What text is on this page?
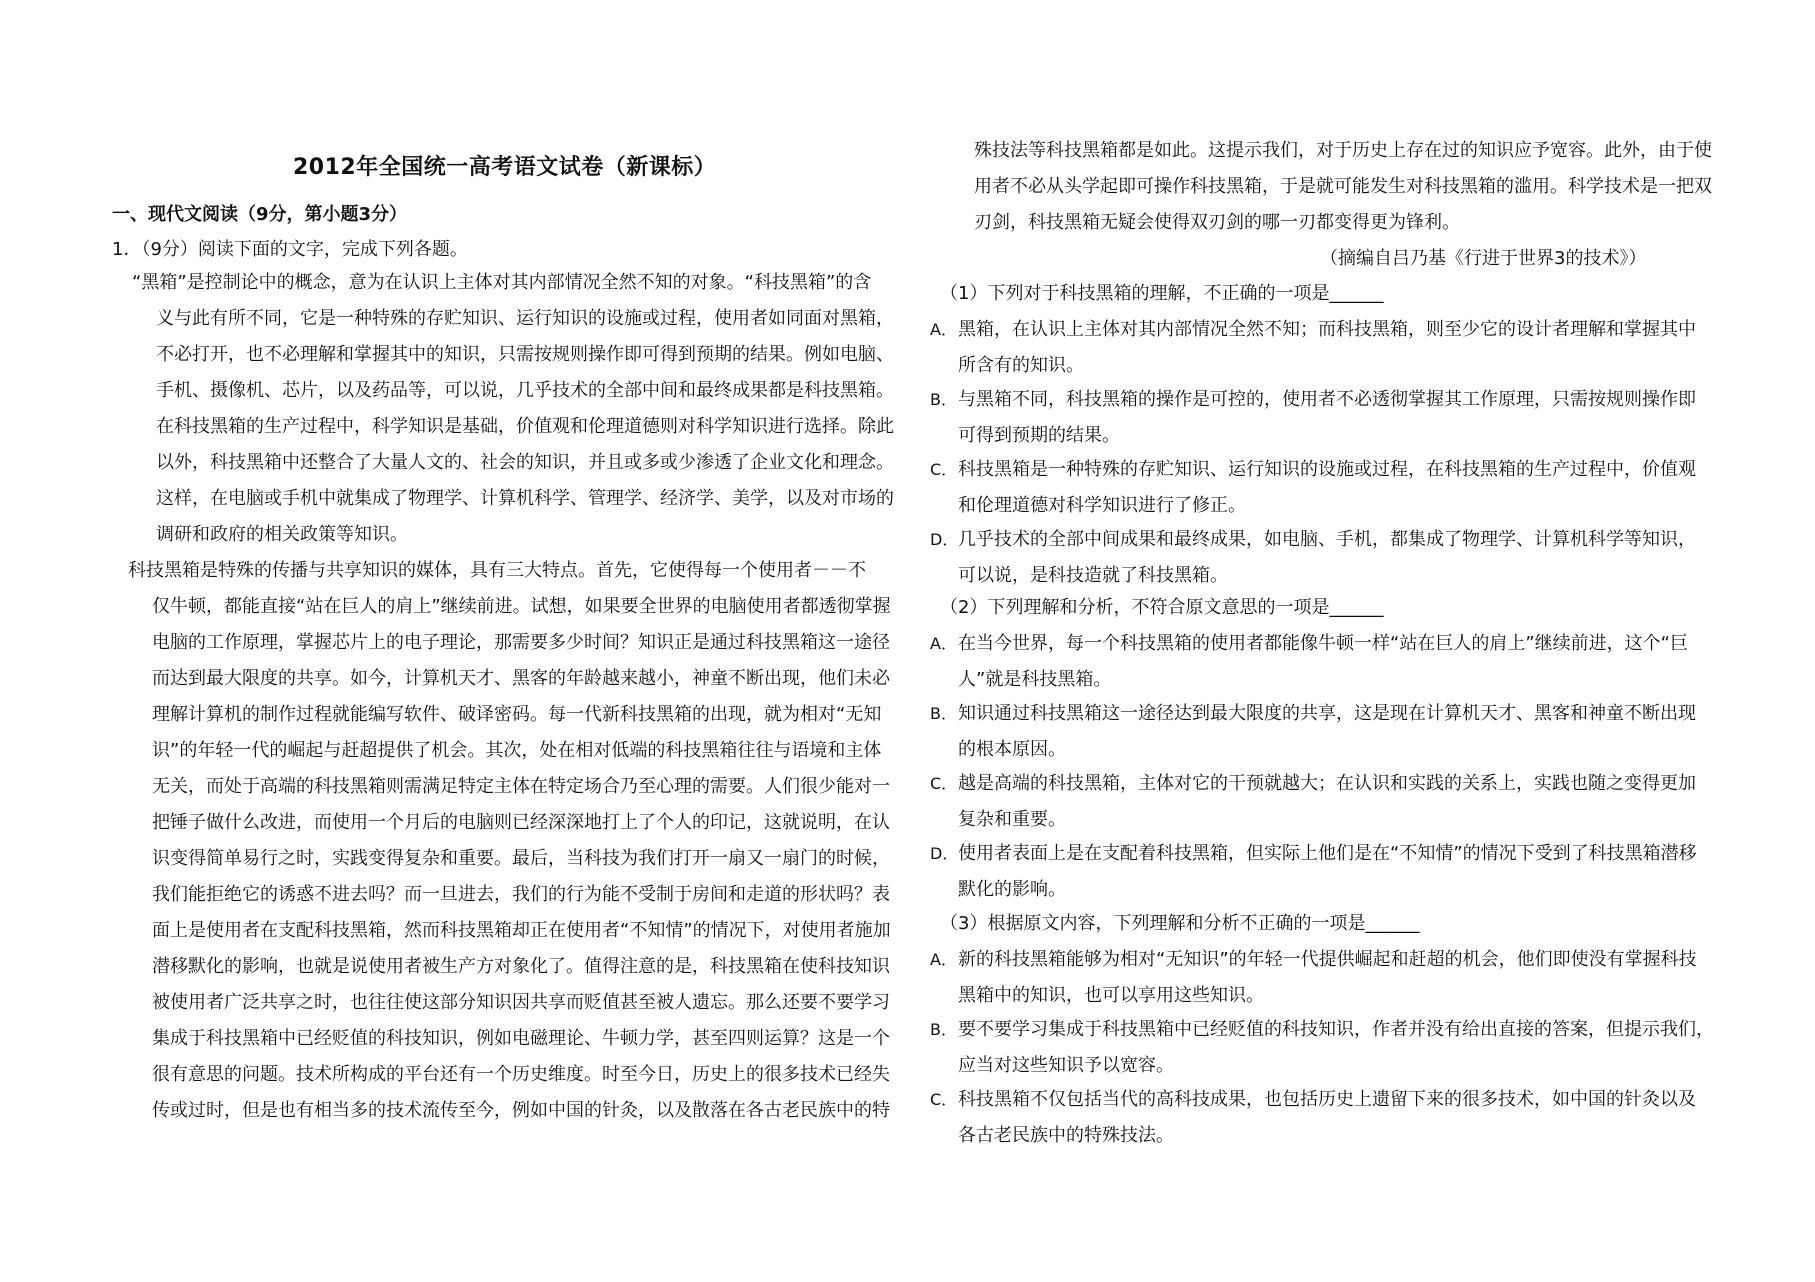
2012年全国统一高考语文试卷（新课标）
一、现代文阅读（9分，第小题3分）
1．（9分）阅读下面的文字，完成下列各题。
“黑箱”是控制论中的概念，意为在认识上主体对其内部情况全然不知的对象。“科技黑箱”的含
义与此有所不同，它是一种特殊的存贮知识、运行知识的设施或过程，使用者如同面对黑箱，
不必打开，也不必理解和掌握其中的知识，只需按规则操作即可得到预期的结果。例如电脑、
手机、摄像机、芯片，以及药品等，可以说，几乎技术的全部中间和最终成果都是科技黑箱。
在科技黑箱的生产过程中，科学知识是基础，价值观和伦理道德则对科学知识进行选择。除此
以外，科技黑箱中还整合了大量人文的、社会的知识，并且或多或少渗透了企业文化和理念。
这样，在电脑或手机中就集成了物理学、计算机科学、管理学、经济学、美学，以及对市场的
调研和政府的相关政策等知识。
科技黑箱是特殊的传播与共享知识的媒体，具有三大特点。首先，它使得每一个使用者－－不
仅牛顿，都能直接“站在巨人的肩上”继续前进。试想，如果要全世界的电脑使用者都透彻掌握
电脑的工作原理，掌握芯片上的电子理论，那需要多少时间？知识正是通过科技黑箱这一途径
而达到最大限度的共享。如今，计算机天才、黑客的年龄越来越小，神童不断出现，他们未必
理解计算机的制作过程就能编写软件、破译密码。每一代新科技黑箱的出现，就为相对“无知
识”的年轻一代的崛起与赶超提供了机会。其次，处在相对低端的科技黑箱往往与语境和主体
无关，而处于高端的科技黑箱则需满足特定主体在特定场合乃至心理的需要。人们很少能对一
把锤子做什么改进，而使用一个月后的电脑则已经深深地打上了个人的印记，这就说明，在认
识变得简单易行之时，实践变得复杂和重要。最后，当科技为我们打开一扇又一扇门的时候，
我们能拒绝它的诱惑不进去吗？而一旦进去，我们的行为能不受制于房间和走道的形状吗？表
面上是使用者在支配科技黑箱，然而科技黑箱却正在使用者“不知情”的情况下，对使用者施加
潜移默化的影响，也就是说使用者被生产方对象化了。值得注意的是，科技黑箱在使科技知识
被使用者广泛共享之时，也往往使这部分知识因共享而贬值甚至被人遗忘。那么还要不要学习
集成于科技黑箱中已经贬值的科技知识，例如电磁理论、牛顿力学，甚至四则运算？这是一个
很有意思的问题。技术所构成的平台还有一个历史维度。时至今日，历史上的很多技术已经失
传或过时，但是也有相当多的技术流传至今，例如中国的针灸，以及散落在各古老民族中的特
殊技法等科技黑箱都是如此。这提示我们，对于历史上存在过的知识应予宽容。此外，由于使
用者不必从头学起即可操作科技黑箱，于是就可能发生对科技黑箱的滥用。科学技术是一把双
刃剑，科技黑箱无疑会使得双刃剑的哪一刃都变得更为锋利。
（摘编自吕乃基《行进于世界3的技术》）
（1）下列对于科技黑箱的理解，不正确的一项是______
A． 黑箱，在认识上主体对其内部情况全然不知；而科技黑箱，则至少它的设计者理解和掌握其中
所含有的知识。
B． 与黑箱不同，科技黑箱的操作是可控的，使用者不必透彻掌握其工作原理，只需按规则操作即
可得到预期的结果。
C． 科技黑箱是一种特殊的存贮知识、运行知识的设施或过程，在科技黑箱的生产过程中，价值观
和伦理道德对科学知识进行了修正。
D． 几乎技术的全部中间成果和最终成果，如电脑、手机，都集成了物理学、计算机科学等知识，
可以说，是科技造就了科技黑箱。
（2）下列理解和分析，不符合原文意思的一项是______
A． 在当今世界，每一个科技黑箱的使用者都能像牛顿一样“站在巨人的肩上”继续前进，这个“巨
人”就是科技黑箱。
B． 知识通过科技黑箱这一途径达到最大限度的共享，这是现在计算机天才、黑客和神童不断出现
的根本原因。
C． 越是高端的科技黑箱，主体对它的干预就越大；在认识和实践的关系上，实践也随之变得更加
复杂和重要。
D． 使用者表面上是在支配着科技黑箱，但实际上他们是在“不知情”的情况下受到了科技黑箱潜移
默化的影响。
（3）根据原文内容，下列理解和分析不正确的一项是______
A． 新的科技黑箱能够为相对“无知识”的年轻一代提供崛起和赶超的机会，他们即使没有掌握科技
黑箱中的知识，也可以享用这些知识。
B． 要不要学习集成于科技黑箱中已经贬值的科技知识，作者并没有给出直接的答案，但提示我们，
应当对这些知识予以宽容。
C． 科技黑箱不仅包括当代的高科技成果，也包括历史上遗留下来的很多技术，如中国的针灸以及
各古老民族中的特殊技法。
